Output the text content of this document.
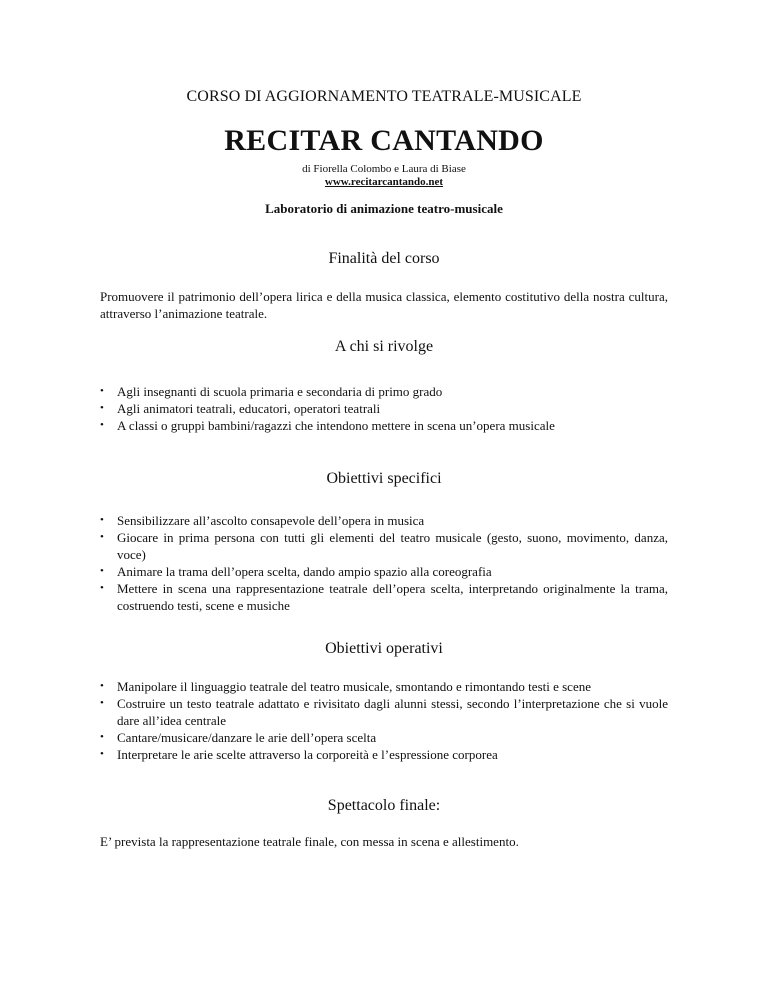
CORSO DI AGGIORNAMENTO TEATRALE-MUSICALE
RECITAR CANTANDO
di Fiorella Colombo e Laura di Biase
www.recitarcantando.net
Laboratorio di animazione teatro-musicale
Finalità del corso
Promuovere il patrimonio dell’opera lirica e della musica classica, elemento costitutivo della nostra cultura, attraverso l’animazione teatrale.
A chi si rivolge
•	Agli insegnanti di scuola primaria e secondaria di primo grado
•	Agli animatori teatrali, educatori, operatori teatrali
•	A classi o gruppi bambini/ragazzi che intendono mettere in scena un’opera musicale
Obiettivi specifici
•	Sensibilizzare all’ascolto consapevole dell’opera in musica
•	Giocare in prima persona con tutti gli elementi del teatro musicale (gesto, suono, movimento, danza, voce)
•	Animare la trama dell’opera scelta, dando ampio spazio alla coreografia
•	Mettere in scena una rappresentazione teatrale dell’opera scelta, interpretando originalmente la trama, costruendo testi, scene e musiche
Obiettivi operativi
•	Manipolare il linguaggio teatrale del teatro musicale, smontando e rimontando testi e scene
•	Costruire un testo teatrale adattato e rivisitato dagli alunni stessi, secondo l’interpretazione che si vuole dare all’idea centrale
•	Cantare/musicare/danzare le arie dell’opera scelta
•	Interpretare le arie scelte attraverso la corporeità e l’espressione corporea
Spettacolo finale:
E’ prevista la rappresentazione teatrale finale, con messa in scena e allestimento.
